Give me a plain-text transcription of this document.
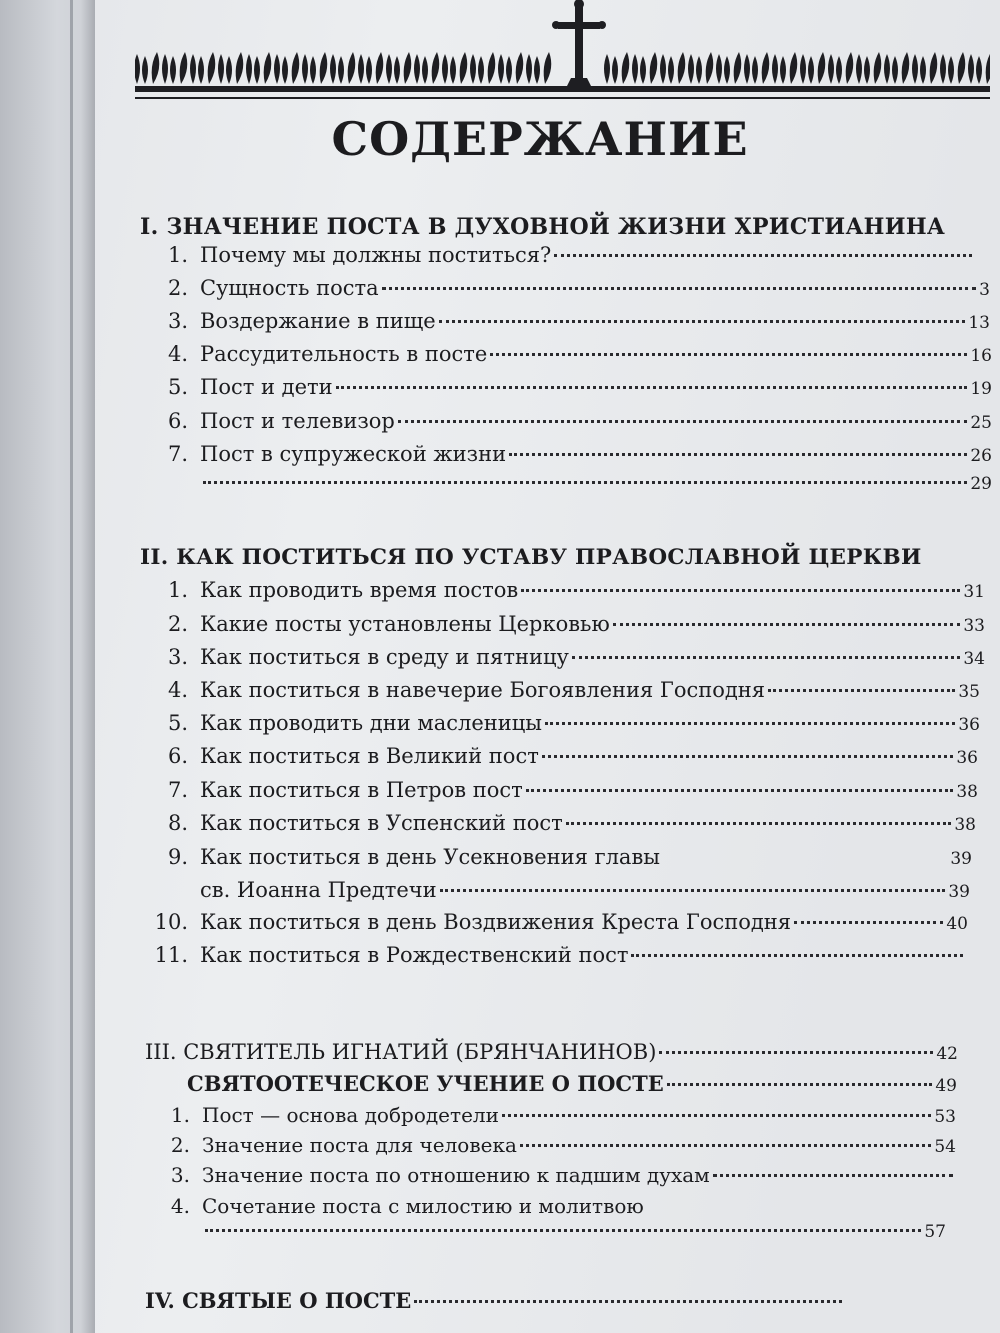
СОДЕРЖАНИЕ
I. ЗНАЧЕНИЕ ПОСТА В ДУХОВНОЙ ЖИЗНИ ХРИСТИАНИНА
1. Почему мы должны поститься?
2. Сущность поста	3
3. Воздержание в пище	13
4. Рассудительность в посте	16
5. Пост и дети	19
6. Пост и телевизор	25
7. Пост в супружеской жизни	26
29
II. КАК ПОСТИТЬСЯ ПО УСТАВУ ПРАВОСЛАВНОЙ ЦЕРКВИ
1. Как проводить время постов	31
2. Какие посты установлены Церковью	33
3. Как поститься в среду и пятницу	34
4. Как поститься в навечерие Богоявления Господня	35
5. Как проводить дни масленицы	36
6. Как поститься в Великий пост	36
7. Как поститься в Петров пост	38
8. Как поститься в Успенский пост	38
9. Как поститься в день Усекновения главы	39
св. Иоанна Предтечи	39
10. Как поститься в день Воздвижения Креста Господня	40
11. Как поститься в Рождественский пост
III. СВЯТИТЕЛЬ ИГНАТИЙ (БРЯНЧАНИНОВ)	42
СВЯТООТЕЧЕСКОЕ УЧЕНИЕ О ПОСТЕ	49
1. Пост — основа добродетели	53
2. Значение поста для человека	54
3. Значение поста по отношению к падшим духам
4. Сочетание поста с милостию и молитвою
57
IV. СВЯТЫЕ О ПОСТЕ
